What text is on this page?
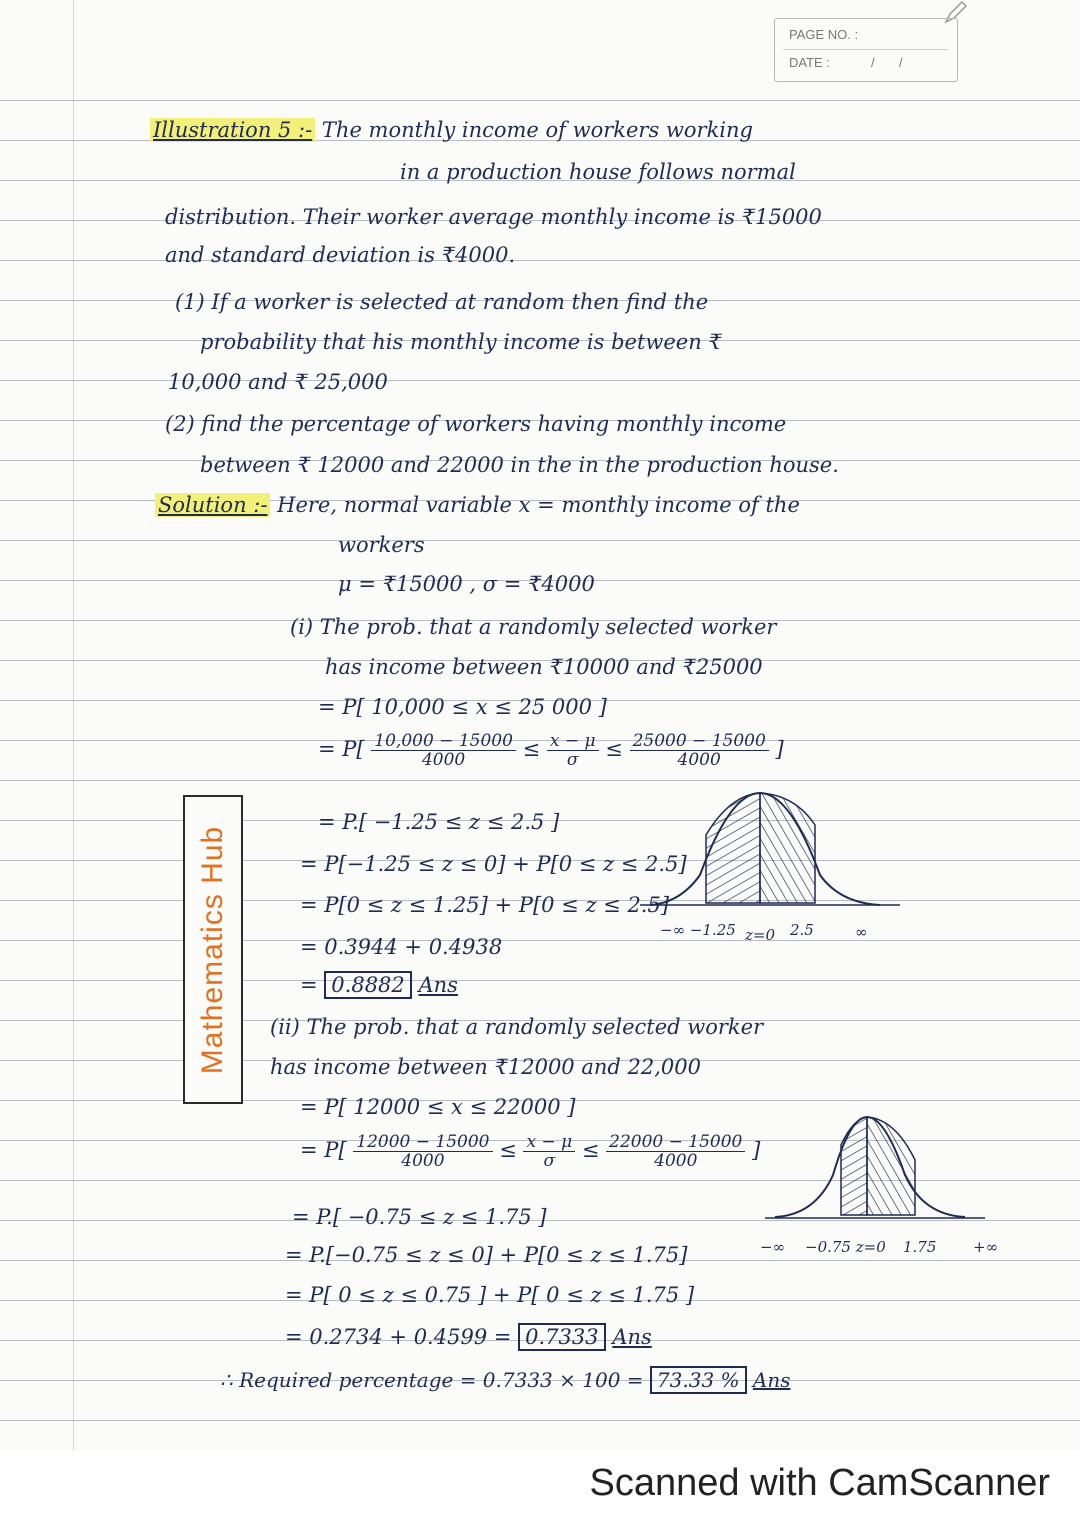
PAGE NO. :
DATE :	/ /
Illustration 5 :- The monthly income of workers working
in a production house follows normal
distribution. Their worker average monthly income is ₹15000
and standard deviation is ₹4000.
(1) If a worker is selected at random then find the
probability that his monthly income is between ₹
10,000 and ₹ 25,000
(2) find the percentage of workers having monthly income
between ₹ 12000 and 22000 in the in the production house.
Solution :- Here, normal variable x = monthly income of the
workers
μ = ₹15000 , σ = ₹4000
(i) The prob. that a randomly selected worker
has income between ₹10000 and ₹25000
= P[ 10,000 ≤ x ≤ 25 000 ]
= $P[ \frac{10,000 - 15000}{4000} \le \frac{x - \mu}{\sigma} \le \frac{25000 - 15000}{4000}$ ]
= P.[ −1.25 ≤ z ≤ 2.5 ]
= P[−1.25 ≤ z ≤ 0] + P[0 ≤ z ≤ 2.5]
= P[0 ≤ z ≤ 1.25] + P[0 ≤ z ≤ 2.5]
= 0.3944 + 0.4938
= 0.8882 Ans
(ii) The prob. that a randomly selected worker
has income between ₹12000 and 22,000
= P[ 12000 ≤ x ≤ 22000 ]
= $P[ \frac{12000 - 15000}{4000} \le \frac{x - \mu}{\sigma} \le \frac{22000 - 15000}{4000}$ ]
= P.[ −0.75 ≤ z ≤ 1.75 ]
= P.[−0.75 ≤ z ≤ 0] + P[0 ≤ z ≤ 1.75]
= P[ 0 ≤ z ≤ 0.75 ] + P[ 0 ≤ z ≤ 1.75 ]
= 0.2734 + 0.4599 = 0.7333 Ans
∴ Required percentage = 0.7333 × 100 = 73.33 % Ans
−∞ −1.25 z=0 2.5	∞
−∞ −0.75 z=0 1.75 +∞
Mathematics Hub
Scanned with CamScanner
